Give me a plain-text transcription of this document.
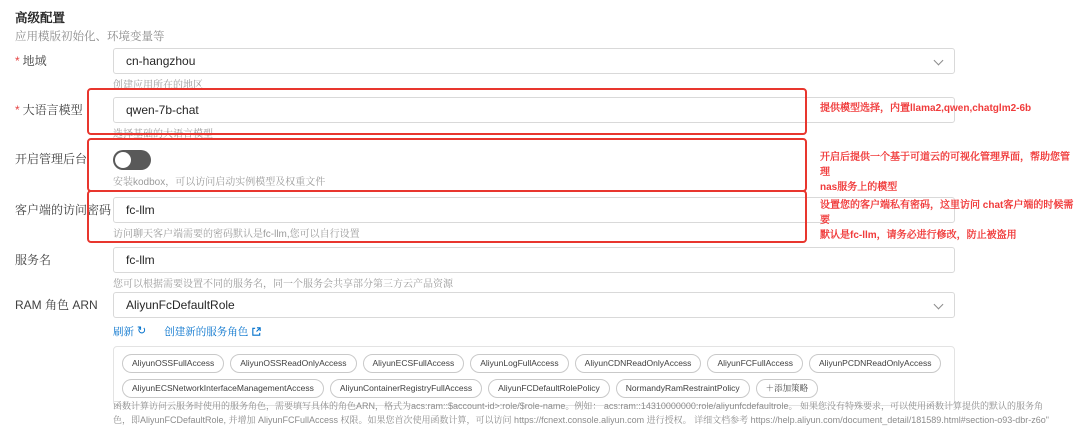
高级配置
应用模版初始化、环境变量等
* 地域	cn-hangzhou
创建应用所在的地区
* 大语言模型
qwen-7b-chat
选择基础的大语言模型
开启管理后台
安装kodbox，可以访问启动实例模型及权重文件
客户端的访问密码
fc-llm
访问聊天客户端需要的密码默认是fc-llm,您可以自行设置
服务名
fc-llm
您可以根据需要设置不同的服务名，同一个服务会共享部分第三方云产品资源
RAM 角色 ARN	AliyunFcDefaultRole
刷新 ↻ 创建新的服务角色
AliyunOSSFullAccess	AliyunOSSReadOnlyAccess	AliyunECSFullAccess	AliyunLogFullAccess	AliyunCDNReadOnlyAccess	AliyunFCFullAccess	AliyunPCDNReadOnlyAccess
AliyunECSNetworkInterfaceManagementAccess	AliyunContainerRegistryFullAccess	AliyunFCDefaultRolePolicy	NormandyRamRestraintPolicy	＋添加策略
函数计算访问云服务时使用的服务角色，需要填写具体的角色ARN，格式为acs:ram::$account-id>:role/$role-name。例如： acs:ram::14310000000:role/aliyunfcdefaultrole。 如果您没有特殊要求，可以使用函数计算提供的默认的服务角色，即AliyunFCDefaultRole, 并增加 AliyunFCFullAccess 权限。如果您首次使用函数计算，可以访问 https://fcnext.console.aliyun.com 进行授权。 详细文档参考 https://help.aliyun.com/document_detail/181589.html#section-o93-dbr-z6o"
提供模型选择，内置llama2,qwen,chatglm2-6b
开启后提供一个基于可道云的可视化管理界面，帮助您管理
nas服务上的模型
设置您的客户端私有密码，这里访问 chat客户端的时候需要
默认是fc-llm，请务必进行修改，防止被盗用
